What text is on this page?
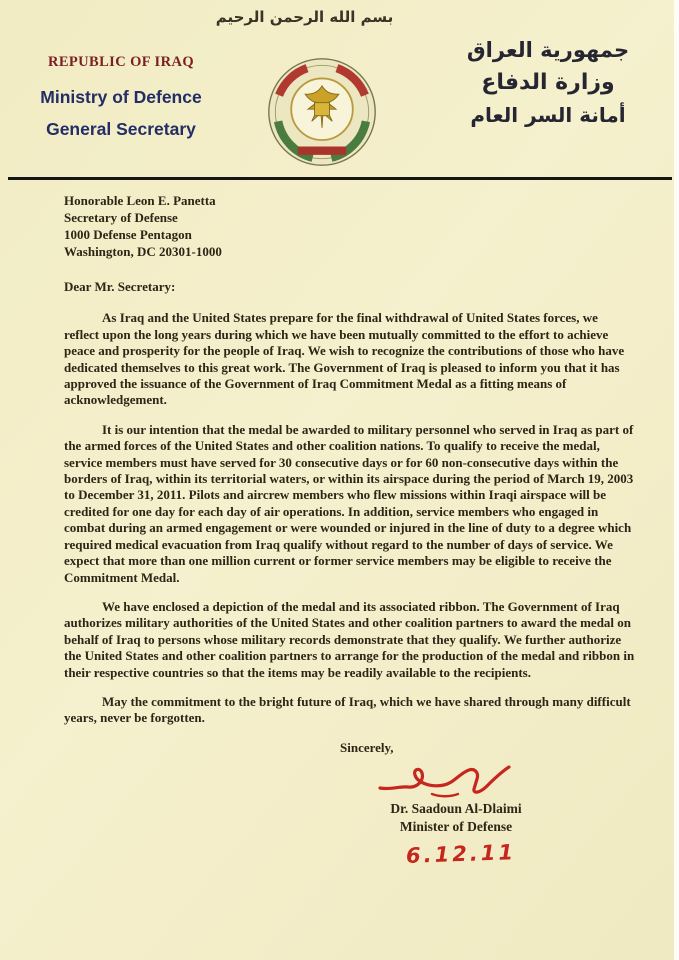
بسم الله الرحمن الرحيم
REPUBLIC OF IRAQ
Ministry of Defence
General Secretary
جمهورية العراق
وزارة الدفاع
أمانة السر العام
Honorable Leon E. Panetta
Secretary of Defense
1000 Defense Pentagon
Washington, DC 20301-1000
Dear Mr. Secretary:

As Iraq and the United States prepare for the final withdrawal of United States forces, we reflect upon the long years during which we have been mutually committed to the effort to achieve peace and prosperity for the people of Iraq. We wish to recognize the contributions of those who have dedicated themselves to this great work. The Government of Iraq is pleased to inform you that it has approved the issuance of the Government of Iraq Commitment Medal as a fitting means of acknowledgement.

It is our intention that the medal be awarded to military personnel who served in Iraq as part of the armed forces of the United States and other coalition nations. To qualify to receive the medal, service members must have served for 30 consecutive days or for 60 non-consecutive days within the borders of Iraq, within its territorial waters, or within its airspace during the period of March 19, 2003 to December 31, 2011. Pilots and aircrew members who flew missions within Iraqi airspace will be credited for one day for each day of air operations. In addition, service members who engaged in combat during an armed engagement or were wounded or injured in the line of duty to a degree which required medical evacuation from Iraq qualify without regard to the number of days of service. We expect that more than one million current or former service members may be eligible to receive the Commitment Medal.

We have enclosed a depiction of the medal and its associated ribbon. The Government of Iraq authorizes military authorities of the United States and other coalition partners to award the medal on behalf of Iraq to persons whose military records demonstrate that they qualify. We further authorize the United States and other coalition partners to arrange for the production of the medal and ribbon in their respective countries so that the items may be readily available to the recipients.

May the commitment to the bright future of Iraq, which we have shared through many difficult years, never be forgotten.

Sincerely,
Dr. Saadoun Al-Dlaimi
Minister of Defense
6.12.11
